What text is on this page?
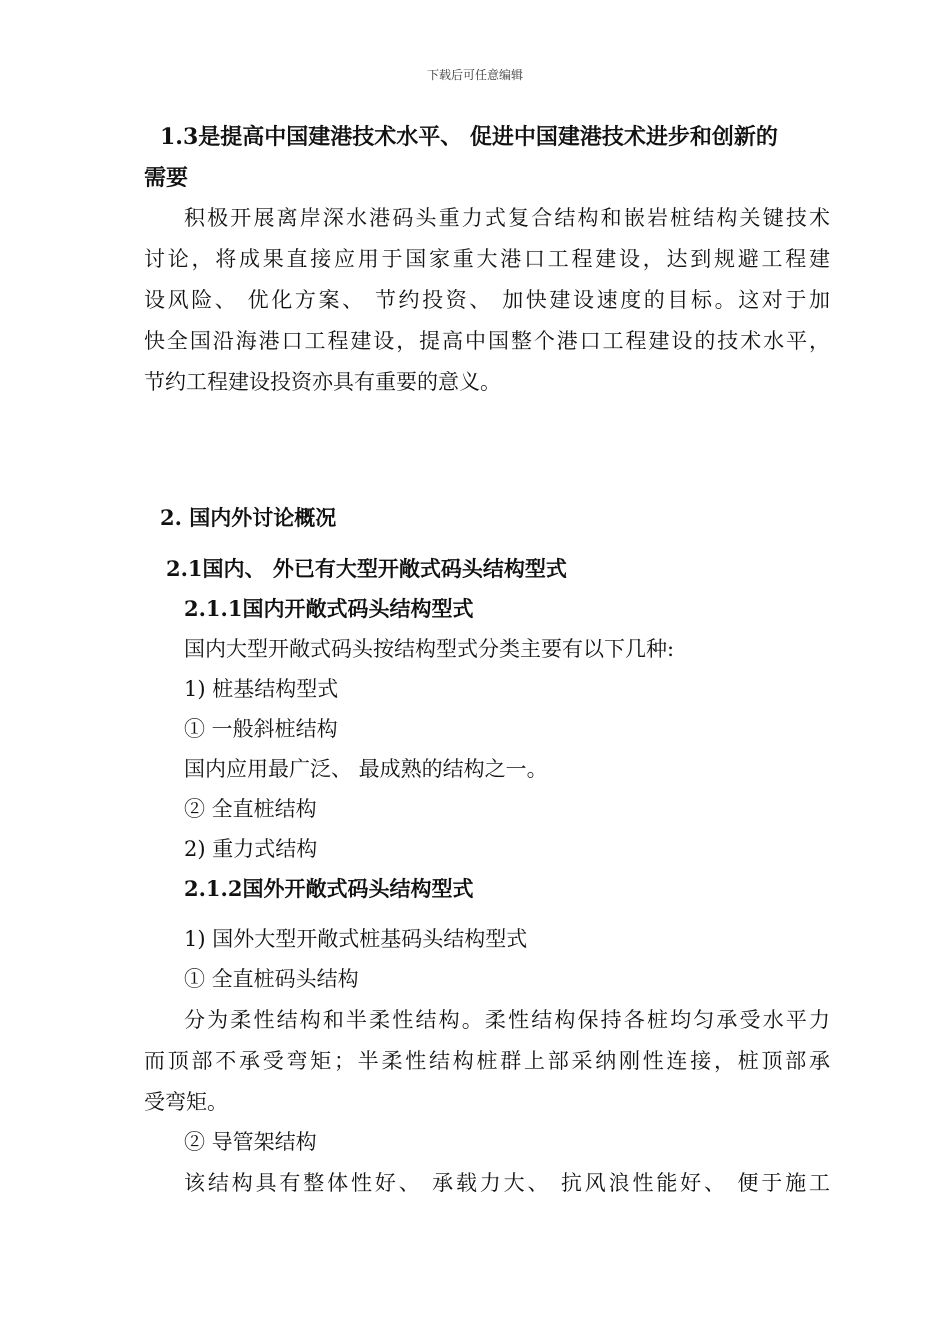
下载后可任意编辑
1.3是提高中国建港技术水平、 促进中国建港技术进步和创新的
需要
积极开展离岸深水港码头重力式复合结构和嵌岩桩结构关键技术
讨论，将成果直接应用于国家重大港口工程建设，达到规避工程建
设风险、 优化方案、 节约投资、 加快建设速度的目标。这对于加
快全国沿海港口工程建设，提高中国整个港口工程建设的技术水平，
节约工程建设投资亦具有重要的意义。
2. 国内外讨论概况
2.1国内、 外已有大型开敞式码头结构型式
2.1.1国内开敞式码头结构型式
国内大型开敞式码头按结构型式分类主要有以下几种:
1) 桩基结构型式
① 一般斜桩结构
国内应用最广泛、 最成熟的结构之一。
② 全直桩结构
2) 重力式结构
2.1.2国外开敞式码头结构型式
1) 国外大型开敞式桩基码头结构型式
① 全直桩码头结构
分为柔性结构和半柔性结构。柔性结构保持各桩均匀承受水平力
而顶部不承受弯矩；半柔性结构桩群上部采纳刚性连接，桩顶部承
受弯矩。
② 导管架结构
该结构具有整体性好、 承载力大、 抗风浪性能好、 便于施工
